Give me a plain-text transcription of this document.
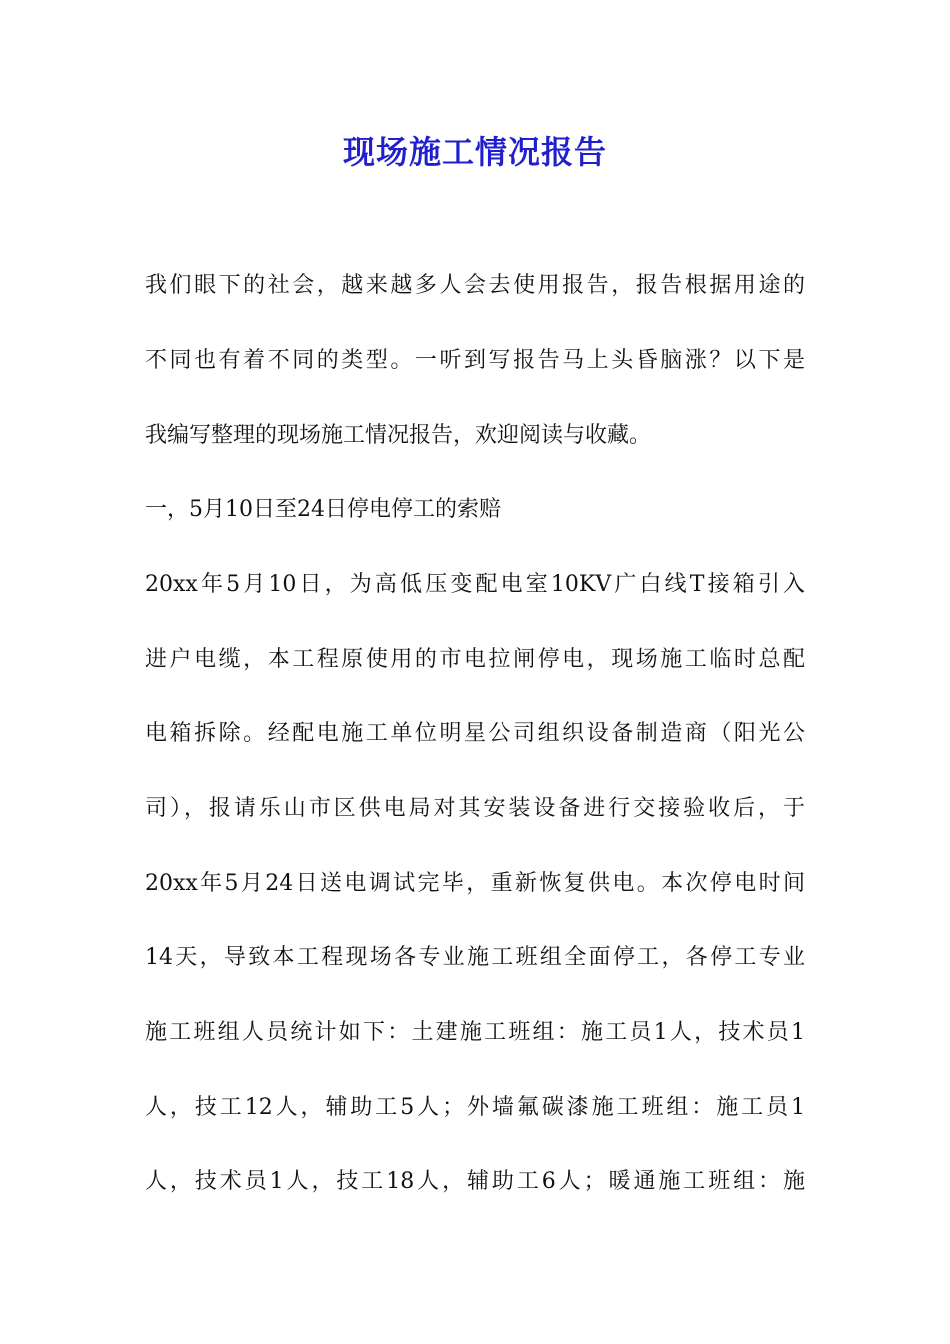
现场施工情况报告
我们眼下的社会，越来越多人会去使用报告，报告根据用途的
不同也有着不同的类型。一听到写报告马上头昏脑涨？以下是
我编写整理的现场施工情况报告，欢迎阅读与收藏。
一，5月10日至24日停电停工的索赔
20xx年5月10日，为高低压变配电室10KV广白线T接箱引入
进户电缆，本工程原使用的市电拉闸停电，现场施工临时总配
电箱拆除。经配电施工单位明星公司组织设备制造商（阳光公
司），报请乐山市区供电局对其安装设备进行交接验收后，于
20xx年5月24日送电调试完毕，重新恢复供电。本次停电时间
14天，导致本工程现场各专业施工班组全面停工，各停工专业
施工班组人员统计如下：土建施工班组：施工员1人，技术员1
人，技工12人，辅助工5人；外墙氟碳漆施工班组：施工员1
人，技术员1人，技工18人，辅助工6人；暖通施工班组：施
